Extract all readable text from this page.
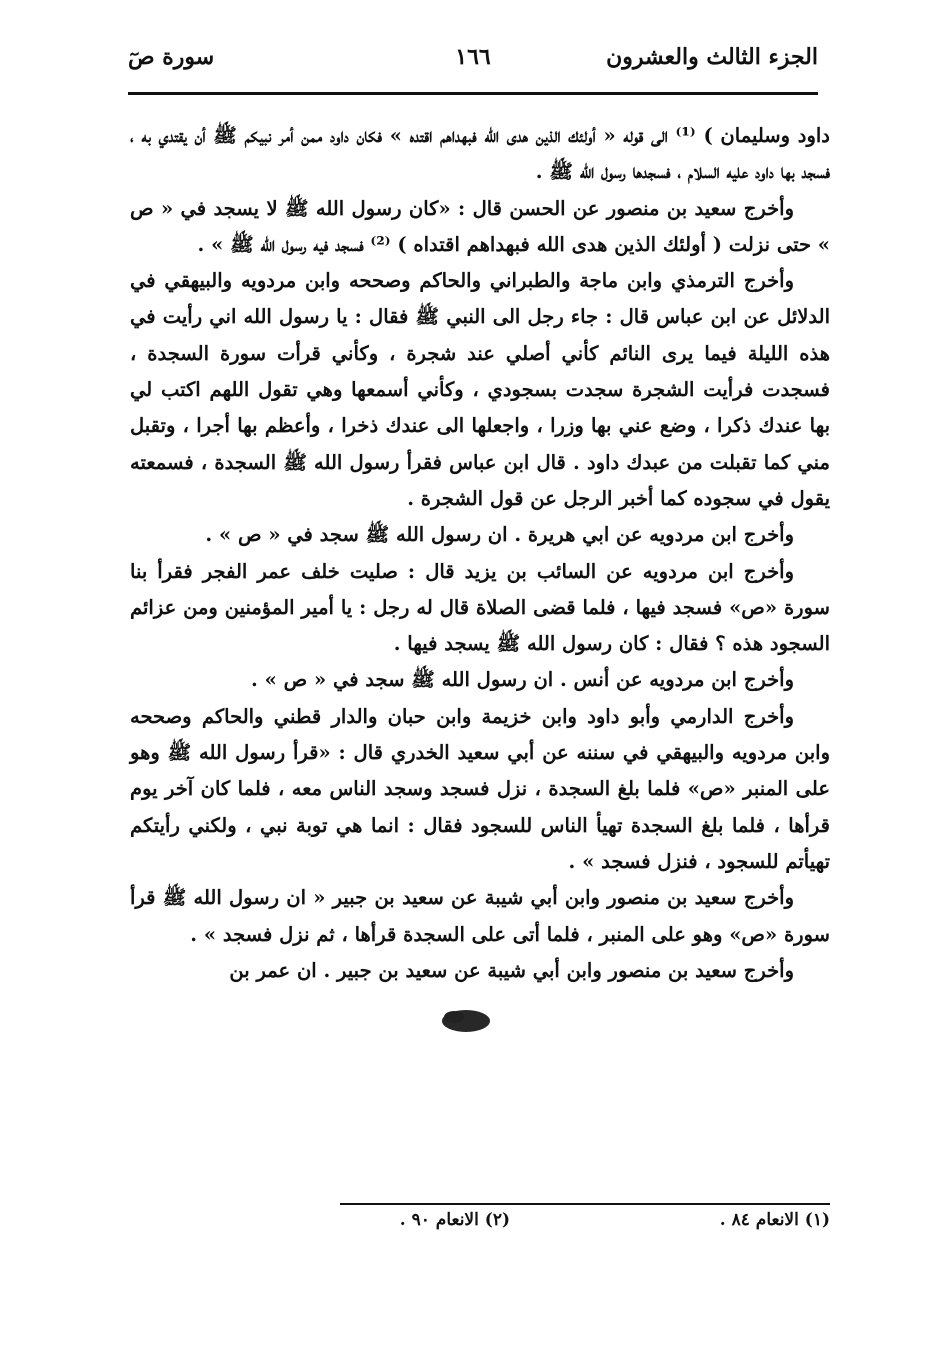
الجزء الثالث والعشرون
١٦٦
سورة صٓ

داود وسليمان ) ⁽¹⁾ الى قوله « أولئك الذين هدى الله فبهداهم اقتده » فكان داود ممن أمر نبيكم ﷺ أن يقتدي به ، فسجد بها داود عليه السلام ، فسجدها رسول الله ﷺ .

وأخرج سعيد بن منصور عن الحسن قال : «كان رسول الله ﷺ لا يسجد في « ص » حتى نزلت ( أولئك الذين هدى الله فبهداهم اقتداه ) ⁽²⁾ فسجد فيه رسول الله ﷺ » .

وأخرج الترمذي وابن ماجة والطبراني والحاكم وصححه وابن مردويه والبيهقي في الدلائل عن ابن عباس قال : جاء رجل الى النبي ﷺ فقال : يا رسول الله اني رأيت في هذه الليلة فيما يرى النائم كأني أصلي عند شجرة ، وكأني قرأت سورة السجدة ، فسجدت فرأيت الشجرة سجدت بسجودي ، وكأني أسمعها وهي تقول اللهم اكتب لي بها عندك ذكرا ، وضع عني بها وزرا ، واجعلها الى عندك ذخرا ، وأعظم بها أجرا ، وتقبل مني كما تقبلت من عبدك داود . قال ابن عباس فقرأ رسول الله ﷺ السجدة ، فسمعته يقول في سجوده كما أخبر الرجل عن قول الشجرة .

وأخرج ابن مردويه عن ابي هريرة . ان رسول الله ﷺ سجد في « ص » .

وأخرج ابن مردويه عن السائب بن يزيد قال : صليت خلف عمر الفجر فقرأ بنا سورة «ص» فسجد فيها ، فلما قضى الصلاة قال له رجل : يا أمير المؤمنين ومن عزائم السجود هذه ؟ فقال : كان رسول الله ﷺ يسجد فيها .

وأخرج ابن مردويه عن أنس . ان رسول الله ﷺ سجد في « ص » .

وأخرج الدارمي وأبو داود وابن خزيمة وابن حبان والدار قطني والحاكم وصححه وابن مردويه والبيهقي في سننه عن أبي سعيد الخدري قال : «قرأ رسول الله ﷺ وهو على المنبر «ص» فلما بلغ السجدة ، نزل فسجد وسجد الناس معه ، فلما كان آخر يوم قرأها ، فلما بلغ السجدة تهيأ الناس للسجود فقال : انما هي توبة نبي ، ولكني رأيتكم تهيأتم للسجود ، فنزل فسجد » .

وأخرج سعيد بن منصور وابن أبي شيبة عن سعيد بن جبير « ان رسول الله ﷺ قرأ سورة «ص» وهو على المنبر ، فلما أتى على السجدة قرأها ، ثم نزل فسجد » .

وأخرج سعيد بن منصور وابن أبي شيبة عن سعيد بن جبير . ان عمر بن

(١) الانعام ٨٤ .
(٢) الانعام ٩٠ .
